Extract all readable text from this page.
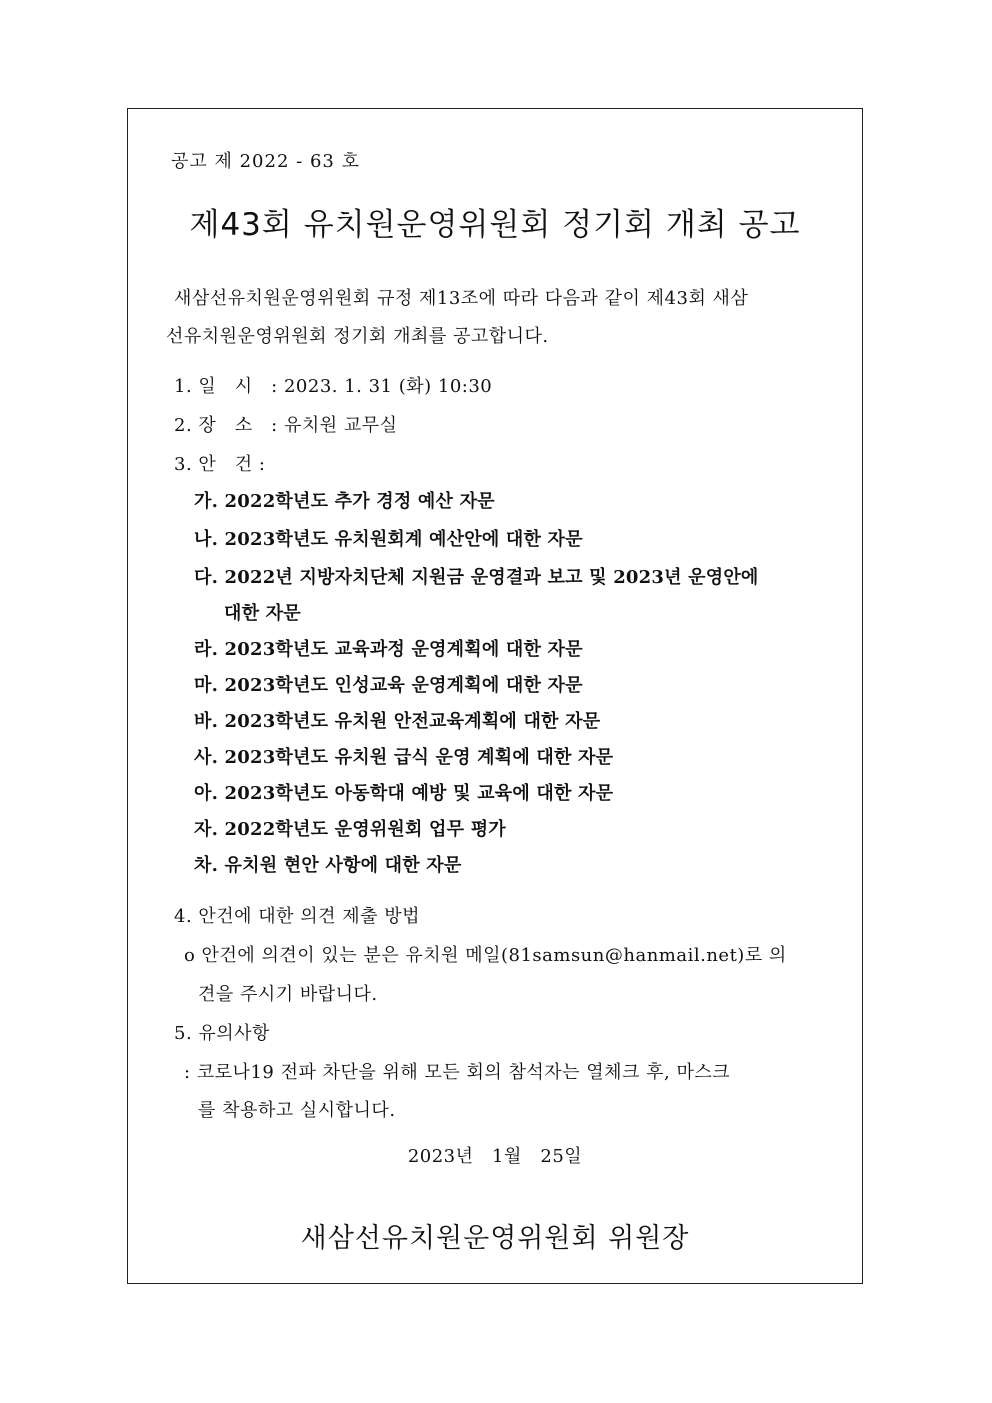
공고 제 2022 - 63 호
제43회 유치원운영위원회 정기회 개최 공고
새삼선유치원운영위원회 규정 제13조에 따라 다음과 같이 제43회 새삼
선유치원운영위원회 정기회 개최를 공고합니다.
1. 일　시　: 2023. 1. 31 (화) 10:30
2. 장　소　: 유치원 교무실
3. 안　건 :
가. 2022학년도 추가 경정 예산 자문
나. 2023학년도 유치원회계 예산안에 대한 자문
다. 2022년 지방자치단체 지원금 운영결과 보고 및 2023년 운영안에
대한 자문
라. 2023학년도 교육과정 운영계획에 대한 자문
마. 2023학년도 인성교육 운영계획에 대한 자문
바. 2023학년도 유치원 안전교육계획에 대한 자문
사. 2023학년도 유치원 급식 운영 계획에 대한 자문
아. 2023학년도 아동학대 예방 및 교육에 대한 자문
자. 2022학년도 운영위원회 업무 평가
차. 유치원 현안 사항에 대한 자문
4. 안건에 대한 의견 제출 방법
o 안건에 의견이 있는 분은 유치원 메일(81samsun@hanmail.net)로 의
견을 주시기 바랍니다.
5. 유의사항
: 코로나19 전파 차단을 위해 모든 회의 참석자는 열체크 후, 마스크
를 착용하고 실시합니다.
2023년　1월　25일
새삼선유치원운영위원회 위원장
